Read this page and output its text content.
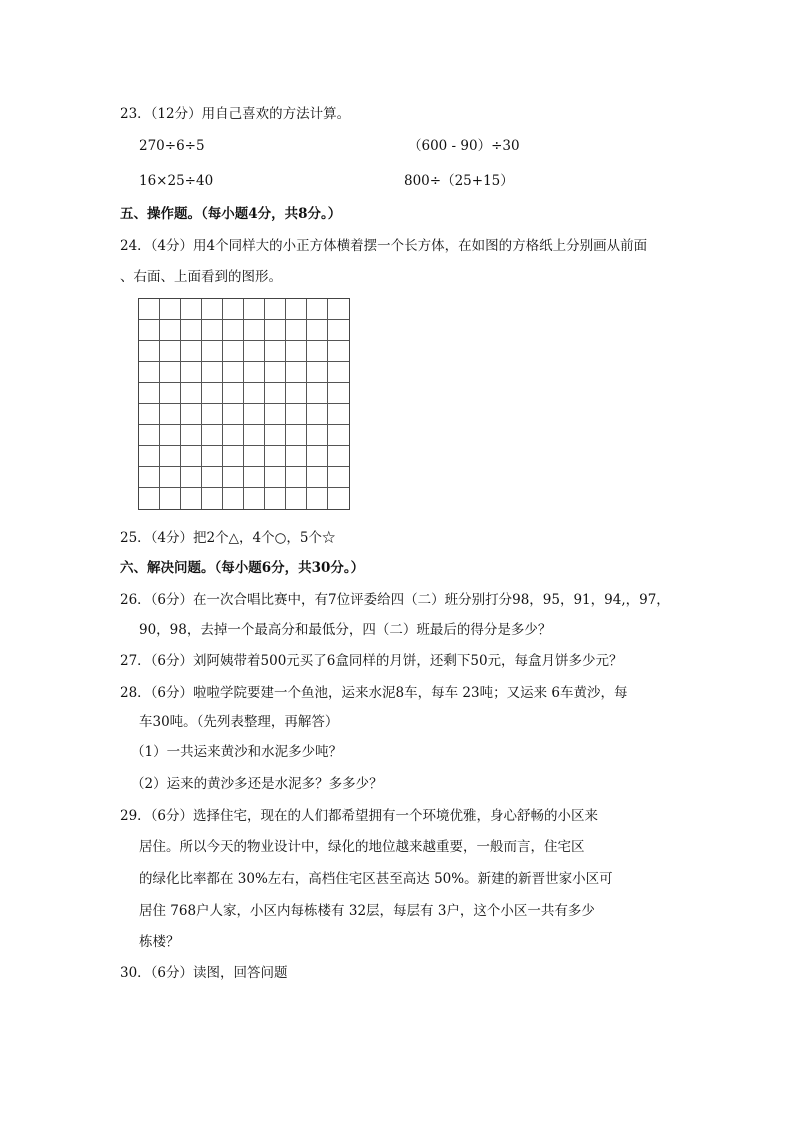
23．（12分）用自己喜欢的方法计算。
270÷6÷5	（600 - 90）÷30
16×25÷40	800÷（25+15）
五、操作题。（每小题4分，共8分。）
24．（4分）用4个同样大的小正方体横着摆一个长方体，在如图的方格纸上分别画从前面
、右面、上面看到的图形。
25．（4分）把2个△，4个○，5个☆
六、解决问题。（每小题6分，共30分。）
26．（6分）在一次合唱比赛中，有7位评委给四（二）班分别打分98，95，91，94,，97，
90，98，去掉一个最高分和最低分，四（二）班最后的得分是多少？
27．（6分）刘阿姨带着500元买了6盒同样的月饼，还剩下50元，每盒月饼多少元？
28．（6分）啦啦学院要建一个鱼池，运来水泥8车，每车 23吨；又运来 6车黄沙，每
车30吨。（先列表整理，再解答）
（1）一共运来黄沙和水泥多少吨？
（2）运来的黄沙多还是水泥多？多多少？
29．（6分）选择住宅，现在的人们都希望拥有一个环境优雅，身心舒畅的小区来
居住。所以今天的物业设计中，绿化的地位越来越重要，一般而言，住宅区
的绿化比率都在 30%左右，高档住宅区甚至高达 50%。新建的新晋世家小区可
居住 768户人家，小区内每栋楼有 32层，每层有 3户，这个小区一共有多少
栋楼？
30．（6分）读图，回答问题
